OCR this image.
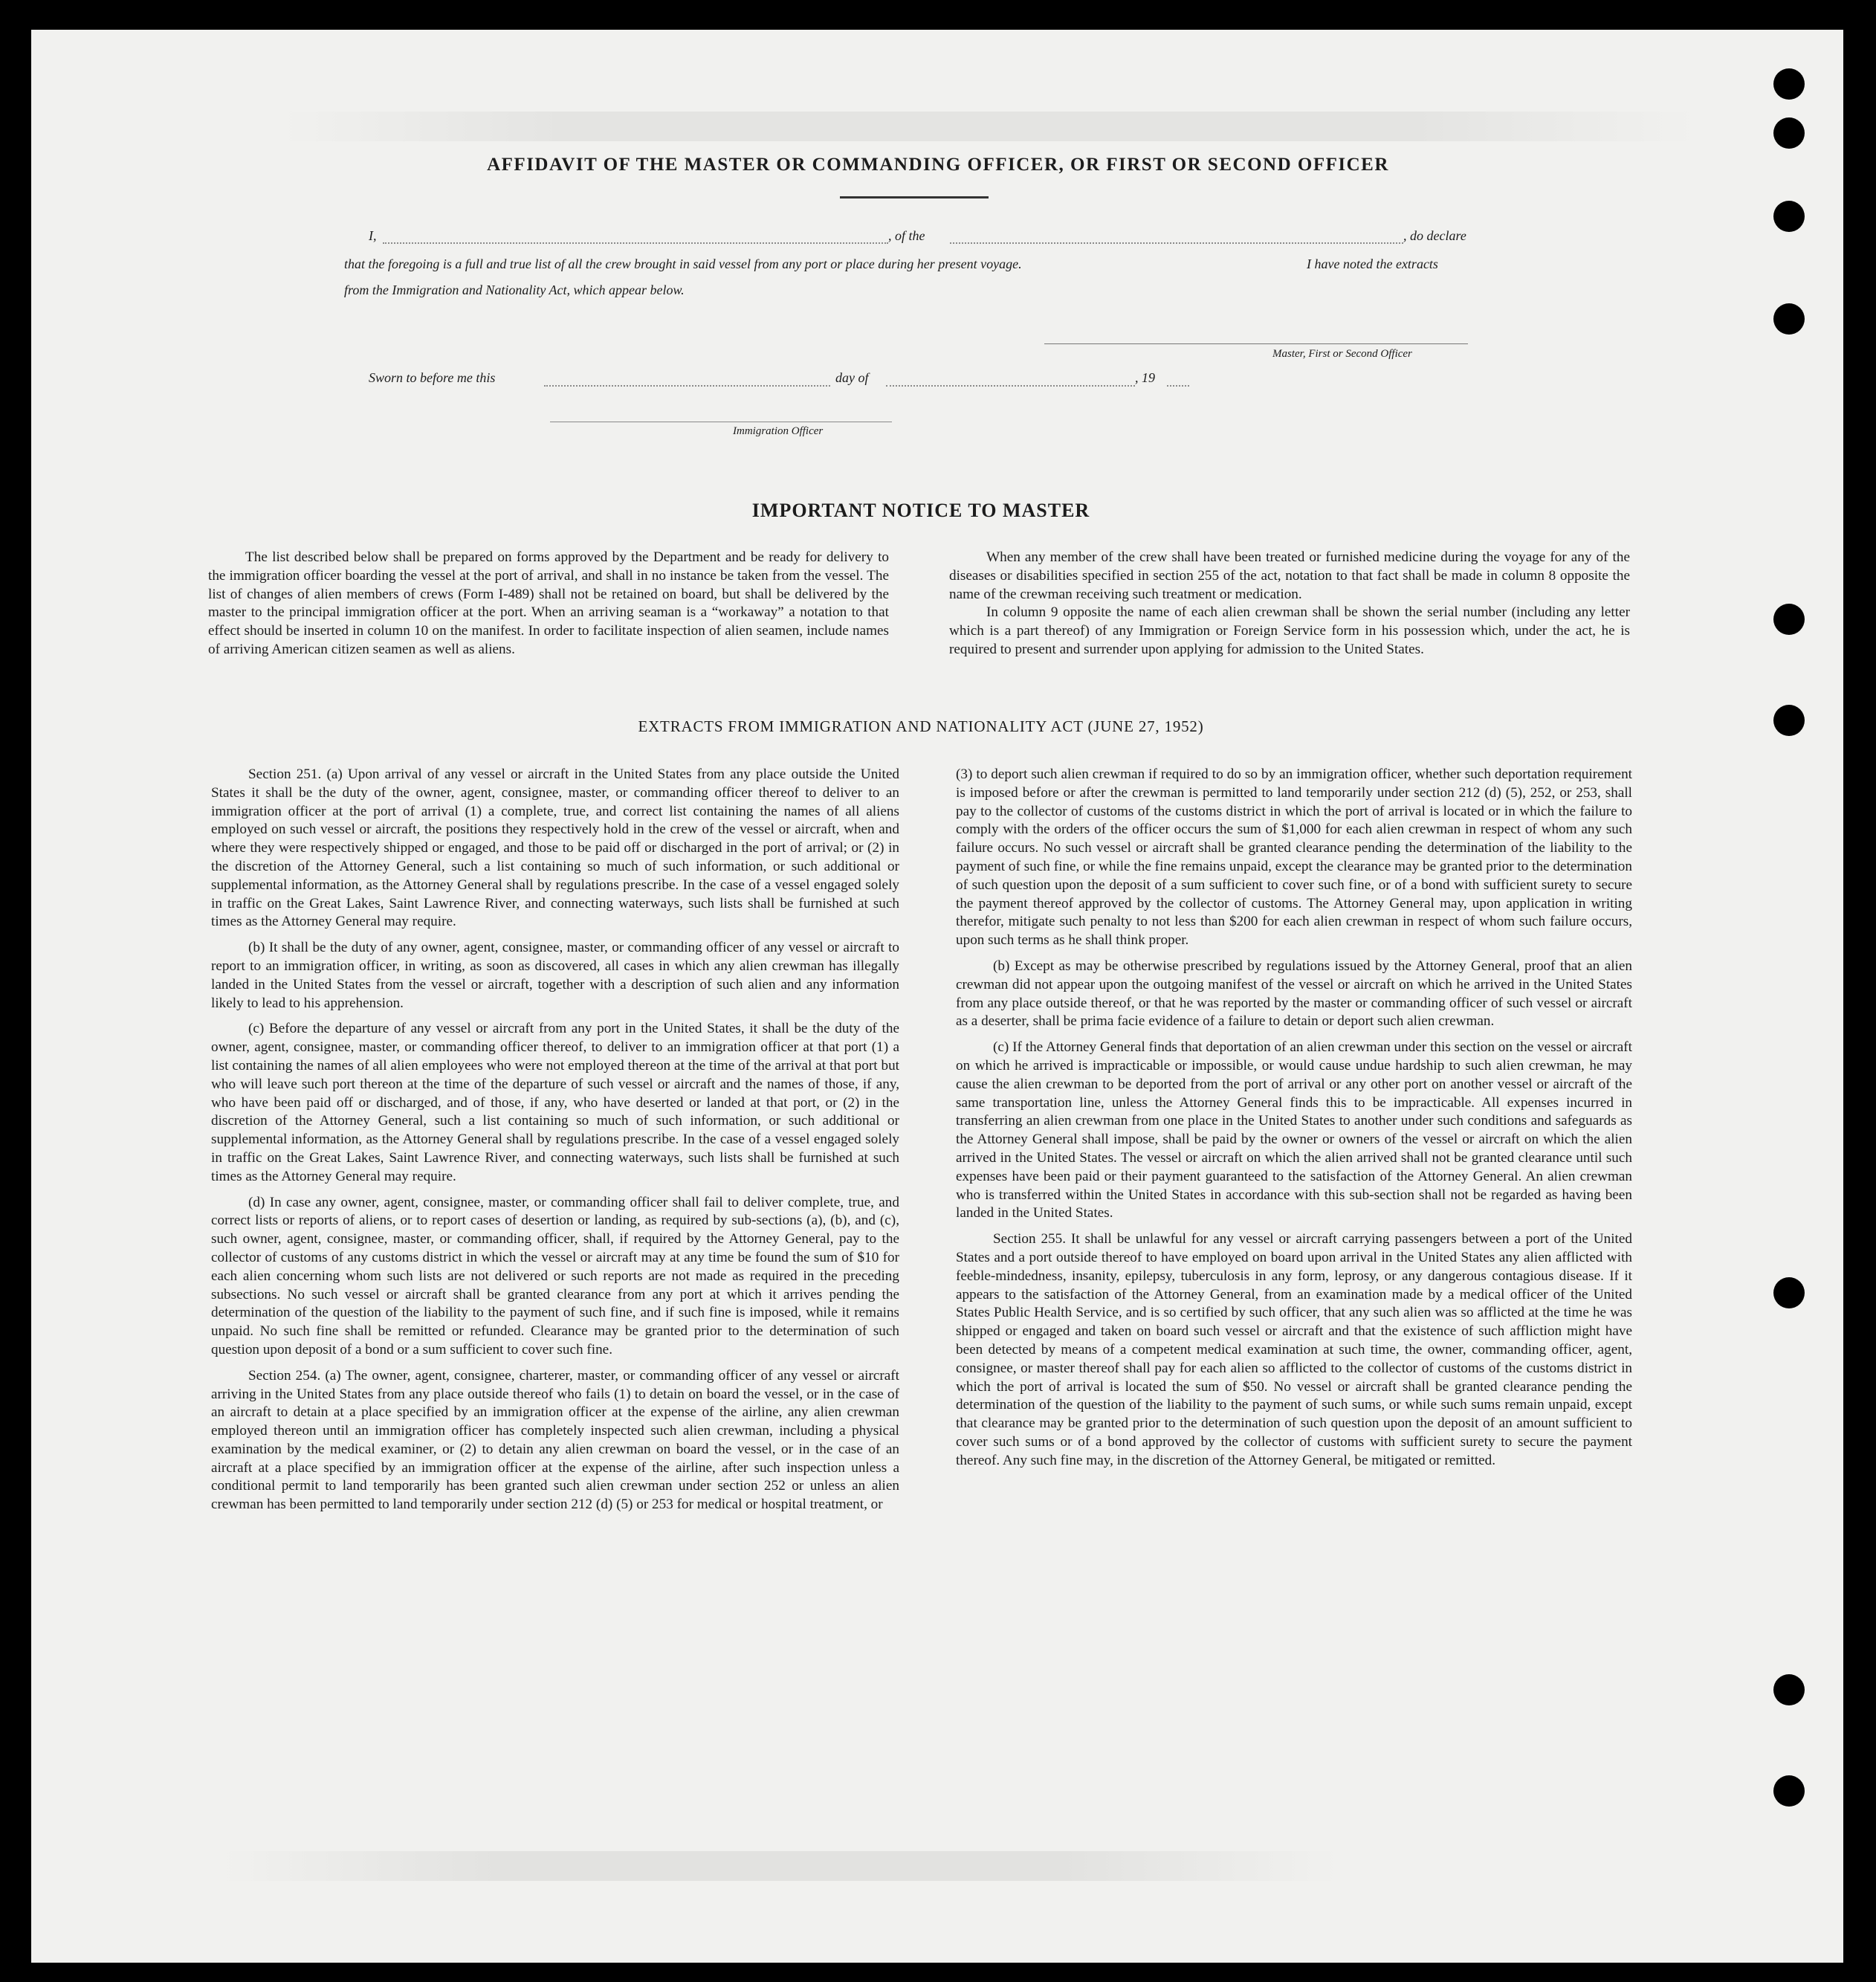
AFFIDAVIT OF THE MASTER OR COMMANDING OFFICER, OR FIRST OR SECOND OFFICER
I,	, of the	, do declare
that the foregoing is a full and true list of all the crew brought in said vessel from any port or place during her present voyage.	I have noted the extracts
from the Immigration and Nationality Act, which appear below.
Master, First or Second Officer
Sworn to before me this	day of	, 19
Immigration Officer
IMPORTANT NOTICE TO MASTER

The list described below shall be prepared on forms approved by the Department and be ready for delivery to the immigration officer boarding the vessel at the port of arrival, and shall in no instance be taken from the vessel. The list of changes of alien members of crews (Form I-489) shall not be retained on board, but shall be delivered by the master to the principal immigration officer at the port. When an arriving seaman is a “workaway” a notation to that effect should be inserted in column 10 on the manifest. In order to facilitate inspection of alien seamen, include names of arriving American citizen seamen as well as aliens.

When any member of the crew shall have been treated or furnished medicine during the voyage for any of the diseases or disabilities specified in section 255 of the act, notation to that fact shall be made in column 8 opposite the name of the crewman receiving such treatment or medication.

In column 9 opposite the name of each alien crewman shall be shown the serial number (including any letter which is a part thereof) of any Immigration or Foreign Service form in his possession which, under the act, he is required to present and surrender upon applying for admission to the United States.

EXTRACTS FROM IMMIGRATION AND NATIONALITY ACT (JUNE 27, 1952)

Section 251. (a) Upon arrival of any vessel or aircraft in the United States from any place outside the United States it shall be the duty of the owner, agent, consignee, master, or commanding officer thereof to deliver to an immigration officer at the port of arrival (1) a complete, true, and correct list containing the names of all aliens employed on such vessel or aircraft, the positions they respectively hold in the crew of the vessel or aircraft, when and where they were respectively shipped or engaged, and those to be paid off or discharged in the port of arrival; or (2) in the discretion of the Attorney General, such a list containing so much of such information, or such additional or supplemental information, as the Attorney General shall by regulations prescribe. In the case of a vessel engaged solely in traffic on the Great Lakes, Saint Lawrence River, and connecting waterways, such lists shall be furnished at such times as the Attorney General may require.

(b) It shall be the duty of any owner, agent, consignee, master, or commanding officer of any vessel or aircraft to report to an immigration officer, in writing, as soon as discovered, all cases in which any alien crewman has illegally landed in the United States from the vessel or aircraft, together with a description of such alien and any information likely to lead to his apprehension.

(c) Before the departure of any vessel or aircraft from any port in the United States, it shall be the duty of the owner, agent, consignee, master, or commanding officer thereof, to deliver to an immigration officer at that port (1) a list containing the names of all alien employees who were not employed thereon at the time of the arrival at that port but who will leave such port thereon at the time of the departure of such vessel or aircraft and the names of those, if any, who have been paid off or discharged, and of those, if any, who have deserted or landed at that port, or (2) in the discretion of the Attorney General, such a list containing so much of such information, or such additional or supplemental information, as the Attorney General shall by regulations prescribe. In the case of a vessel engaged solely in traffic on the Great Lakes, Saint Lawrence River, and connecting waterways, such lists shall be furnished at such times as the Attorney General may require.

(d) In case any owner, agent, consignee, master, or commanding officer shall fail to deliver complete, true, and correct lists or reports of aliens, or to report cases of desertion or landing, as required by sub-sections (a), (b), and (c), such owner, agent, consignee, master, or commanding officer, shall, if required by the Attorney General, pay to the collector of customs of any customs district in which the vessel or aircraft may at any time be found the sum of $10 for each alien concerning whom such lists are not delivered or such reports are not made as required in the preceding subsections. No such vessel or aircraft shall be granted clearance from any port at which it arrives pending the determination of the question of the liability to the payment of such fine, and if such fine is imposed, while it remains unpaid. No such fine shall be remitted or refunded. Clearance may be granted prior to the determination of such question upon deposit of a bond or a sum sufficient to cover such fine.

Section 254. (a) The owner, agent, consignee, charterer, master, or commanding officer of any vessel or aircraft arriving in the United States from any place outside thereof who fails (1) to detain on board the vessel, or in the case of an aircraft to detain at a place specified by an immigration officer at the expense of the airline, any alien crewman employed thereon until an immigration officer has completely inspected such alien crewman, including a physical examination by the medical examiner, or (2) to detain any alien crewman on board the vessel, or in the case of an aircraft at a place specified by an immigration officer at the expense of the airline, after such inspection unless a conditional permit to land temporarily has been granted such alien crewman under section 252 or unless an alien crewman has been permitted to land temporarily under section 212 (d) (5) or 253 for medical or hospital treatment, or

(3) to deport such alien crewman if required to do so by an immigration officer, whether such deportation requirement is imposed before or after the crewman is permitted to land temporarily under section 212 (d) (5), 252, or 253, shall pay to the collector of customs of the customs district in which the port of arrival is located or in which the failure to comply with the orders of the officer occurs the sum of $1,000 for each alien crewman in respect of whom any such failure occurs. No such vessel or aircraft shall be granted clearance pending the determination of the liability to the payment of such fine, or while the fine remains unpaid, except the clearance may be granted prior to the determination of such question upon the deposit of a sum sufficient to cover such fine, or of a bond with sufficient surety to secure the payment thereof approved by the collector of customs. The Attorney General may, upon application in writing therefor, mitigate such penalty to not less than $200 for each alien crewman in respect of whom such failure occurs, upon such terms as he shall think proper.

(b) Except as may be otherwise prescribed by regulations issued by the Attorney General, proof that an alien crewman did not appear upon the outgoing manifest of the vessel or aircraft on which he arrived in the United States from any place outside thereof, or that he was reported by the master or commanding officer of such vessel or aircraft as a deserter, shall be prima facie evidence of a failure to detain or deport such alien crewman.

(c) If the Attorney General finds that deportation of an alien crewman under this section on the vessel or aircraft on which he arrived is impracticable or impossible, or would cause undue hardship to such alien crewman, he may cause the alien crewman to be deported from the port of arrival or any other port on another vessel or aircraft of the same transportation line, unless the Attorney General finds this to be impracticable. All expenses incurred in transferring an alien crewman from one place in the United States to another under such conditions and safeguards as the Attorney General shall impose, shall be paid by the owner or owners of the vessel or aircraft on which the alien arrived in the United States. The vessel or aircraft on which the alien arrived shall not be granted clearance until such expenses have been paid or their payment guaranteed to the satisfaction of the Attorney General. An alien crewman who is transferred within the United States in accordance with this sub-section shall not be regarded as having been landed in the United States.

Section 255. It shall be unlawful for any vessel or aircraft carrying passengers between a port of the United States and a port outside thereof to have employed on board upon arrival in the United States any alien afflicted with feeble-mindedness, insanity, epilepsy, tuberculosis in any form, leprosy, or any dangerous contagious disease. If it appears to the satisfaction of the Attorney General, from an examination made by a medical officer of the United States Public Health Service, and is so certified by such officer, that any such alien was so afflicted at the time he was shipped or engaged and taken on board such vessel or aircraft and that the existence of such affliction might have been detected by means of a competent medical examination at such time, the owner, commanding officer, agent, consignee, or master thereof shall pay for each alien so afflicted to the collector of customs of the customs district in which the port of arrival is located the sum of $50. No vessel or aircraft shall be granted clearance pending the determination of the question of the liability to the payment of such sums, or while such sums remain unpaid, except that clearance may be granted prior to the determination of such question upon the deposit of an amount sufficient to cover such sums or of a bond approved by the collector of customs with sufficient surety to secure the payment thereof. Any such fine may, in the discretion of the Attorney General, be mitigated or remitted.
